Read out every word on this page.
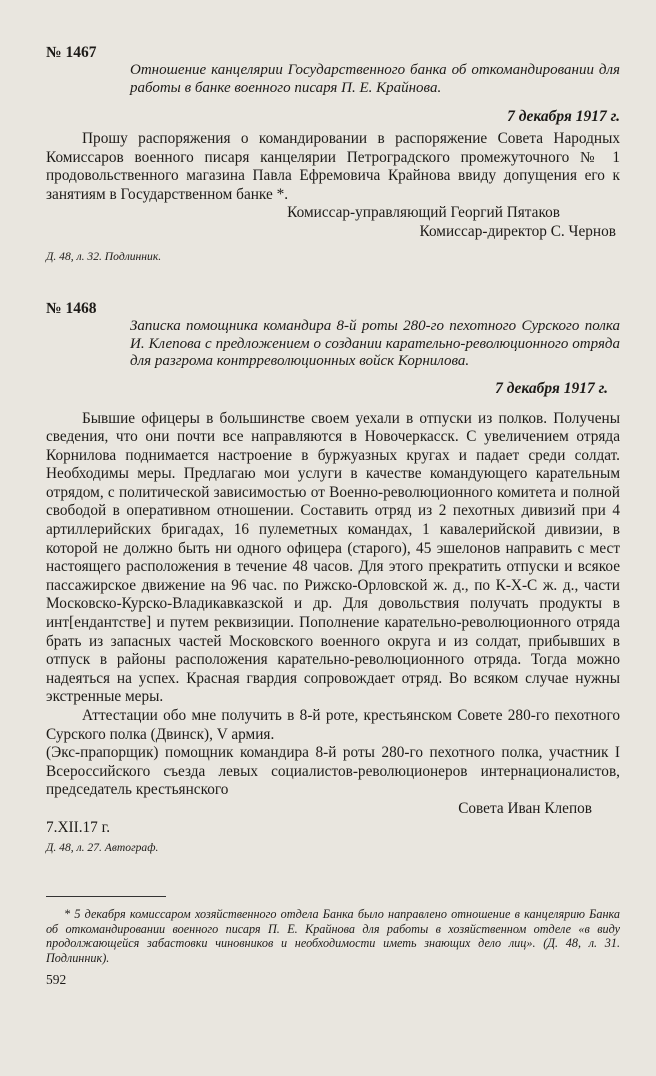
№ 1467
Отношение канцелярии Государственного банка об откомандировании для работы в банке военного писаря П. Е. Крайнова.
7 декабря 1917 г.

Прошу распоряжения о командировании в распоряжение Совета Народных Комиссаров военного писаря канцелярии Петроградского промежуточного № 1 продовольственного магазина Павла Ефремовича Крайнова ввиду допущения его к занятиям в Государственном банке *.

Комиссар-управляющий Георгий Пятаков
Комиссар-директор С. Чернов
Д. 48, л. 32. Подлинник.
№ 1468
Записка помощника командира 8-й роты 280-го пехотного Сурского полка И. Клепова с предложением о создании карательно-революционного отряда для разгрома контрреволюционных войск Корнилова.
7 декабря 1917 г.

Бывшие офицеры в большинстве своем уехали в отпуски из полков. Получены сведения, что они почти все направляются в Новочеркасск. С увеличением отряда Корнилова поднимается настроение в буржуазных кругах и падает среди солдат. Необходимы меры. Предлагаю мои услуги в качестве командующего карательным отрядом, с политической зависимостью от Военно-революционного комитета и полной свободой в оперативном отношении. Составить отряд из 2 пехотных дивизий при 4 артиллерийских бригадах, 16 пулеметных командах, 1 кавалерийской дивизии, в которой не должно быть ни одного офицера (старого), 45 эшелонов направить с мест настоящего расположения в течение 48 часов. Для этого прекратить отпуски и всякое пассажирское движение на 96 час. по Рижско-Орловской ж. д., по К-Х-С ж. д., части Московско-Курско-Владикавказской и др. Для довольствия получать продукты в инт[ендантстве] и путем реквизиции. Пополнение карательно-революционного отряда брать из запасных частей Московского военного округа и из солдат, прибывших в отпуск в районы расположения карательно-революционного отряда. Тогда можно надеяться на успех. Красная гвардия сопровождает отряд. Во всяком случае нужны экстренные меры.

Аттестации обо мне получить в 8-й роте, крестьянском Совете 280-го пехотного Сурского полка (Двинск), V армия.

(Экс-прапорщик) помощник командира 8-й роты 280-го пехотного полка, участник I Всероссийского съезда левых социалистов-революционеров интернационалистов, председатель крестьянского

Совета Иван Клепов
7.XII.17 г.
Д. 48, л. 27. Автограф.
* 5 декабря комиссаром хозяйственного отдела Банка было направлено отношение в канцелярию Банка об откомандировании военного писаря П. Е. Крайнова для работы в хозяйственном отделе «в виду продолжающейся забастовки чиновников и необходимости иметь знающих дело лиц». (Д. 48, л. 31. Подлинник).
592
